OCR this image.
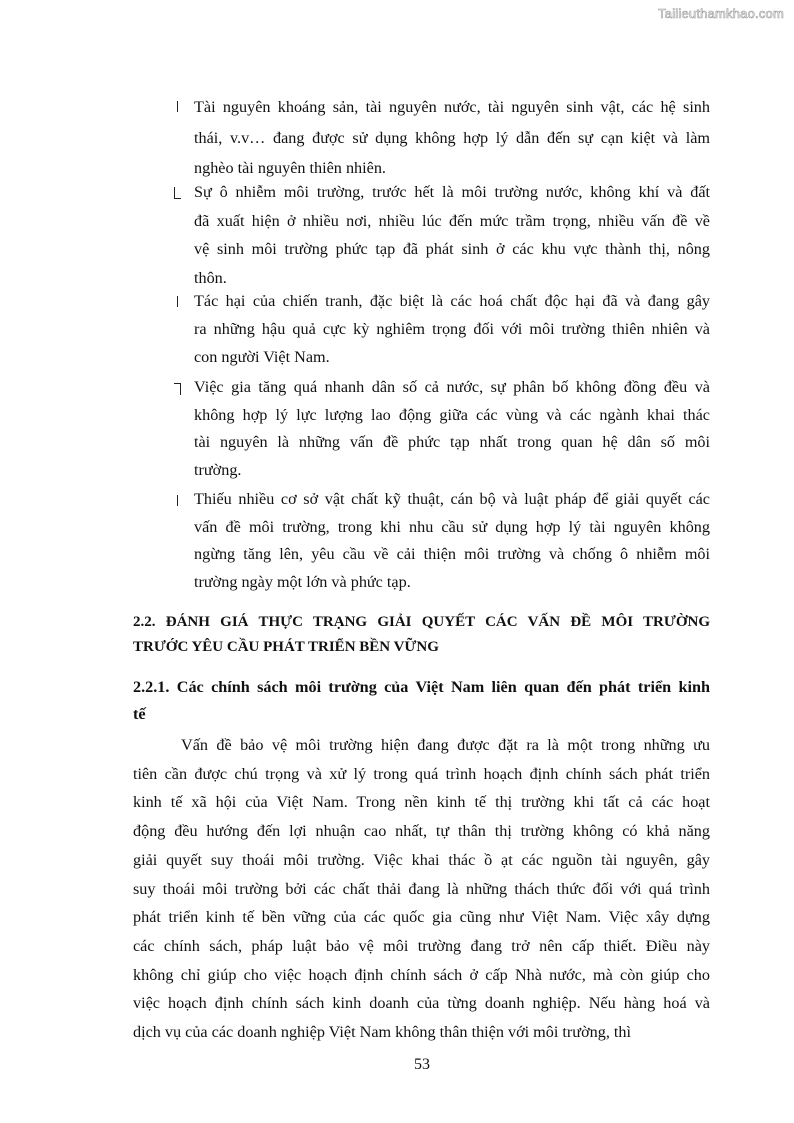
Tailieuthamkhao.com
Tài nguyên khoáng sản, tài nguyên nước, tài nguyên sinh vật, các hệ sinh
thái, v.v… đang được sử dụng không hợp lý dẫn đến sự cạn kiệt và làm
nghèo tài nguyên thiên nhiên.
Sự ô nhiễm môi trường, trước hết là môi trường nước, không khí và đất
đã xuất hiện ở nhiều nơi, nhiều lúc đến mức trầm trọng, nhiều vấn đề về
vệ sinh môi trường phức tạp đã phát sinh ở các khu vực thành thị, nông
thôn.
Tác hại của chiến tranh, đặc biệt là các hoá chất độc hại đã và đang gây
ra những hậu quả cực kỳ nghiêm trọng đối với môi trường thiên nhiên và
con người Việt Nam.
Việc gia tăng quá nhanh dân số cả nước, sự phân bố không đồng đều và
không hợp lý lực lượng lao động giữa các vùng và các ngành khai thác
tài nguyên là những vấn đề phức tạp nhất trong quan hệ dân số môi
trường.
Thiếu nhiều cơ sở vật chất kỹ thuật, cán bộ và luật pháp để giải quyết các
vấn đề môi trường, trong khi nhu cầu sử dụng hợp lý tài nguyên không
ngừng tăng lên, yêu cầu về cải thiện môi trường và chống ô nhiễm môi
trường ngày một lớn và phức tạp.
2.2. ĐÁNH GIÁ THỰC TRẠNG GIẢI QUYẾT CÁC VẤN ĐỀ MÔI TRƯỜNG
TRƯỚC YÊU CẦU PHÁT TRIỂN BỀN VỮNG
2.2.1. Các chính sách môi trường của Việt Nam liên quan đến phát triển kinh
tế
Vấn đề bảo vệ môi trường hiện đang được đặt ra là một trong những ưu
tiên cần được chú trọng và xử lý trong quá trình hoạch định chính sách phát triển
kinh tế xã hội của Việt Nam. Trong nền kinh tế thị trường khi tất cả các hoạt
động đều hướng đến lợi nhuận cao nhất, tự thân thị trường không có khả năng
giải quyết suy thoái môi trường. Việc khai thác ồ ạt các nguồn tài nguyên, gây
suy thoái môi trường bởi các chất thải đang là những thách thức đối với quá trình
phát triển kinh tế bền vững của các quốc gia cũng như Việt Nam. Việc xây dựng
các chính sách, pháp luật bảo vệ môi trường đang trở nên cấp thiết. Điều này
không chỉ giúp cho việc hoạch định chính sách ở cấp Nhà nước, mà còn giúp cho
việc hoạch định chính sách kinh doanh của từng doanh nghiệp. Nếu hàng hoá và
dịch vụ của các doanh nghiệp Việt Nam không thân thiện với môi trường, thì
53
